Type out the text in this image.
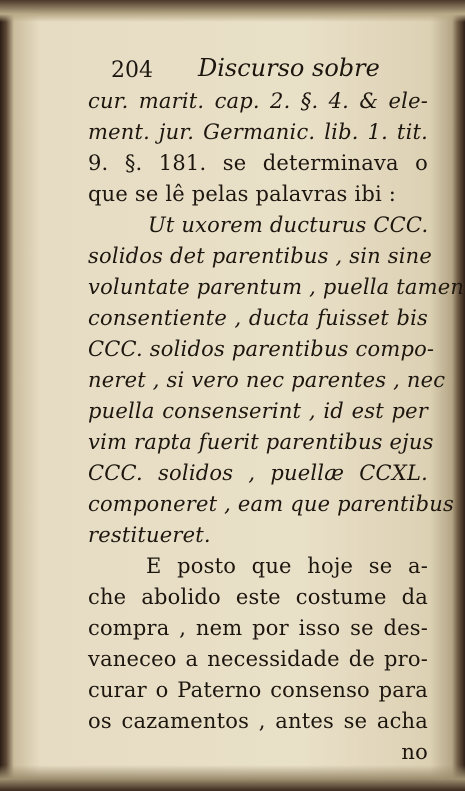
204 Discurso sobre
cur. marit. cap. 2. §. 4. & ele-
ment. jur. Germanic. lib. 1. tit.
9. §. 181. se determinava o
que se lê pelas palavras ibi :
Ut uxorem ducturus CCC.
solidos det parentibus , sin sine
voluntate parentum , puella tamen
consentiente , ducta fuisset bis
CCC. solidos parentibus compo-
neret , si vero nec parentes , nec
puella consenserint , id est per
vim rapta fuerit parentibus ejus
CCC. solidos , puellæ CCXL.
componeret , eam que parentibus
restitueret.
E posto que hoje se a-
che abolido este costume da
compra , nem por isso se des-
vaneceo a necessidade de pro-
curar o Paterno consenso para
os cazamentos , antes se acha
no
